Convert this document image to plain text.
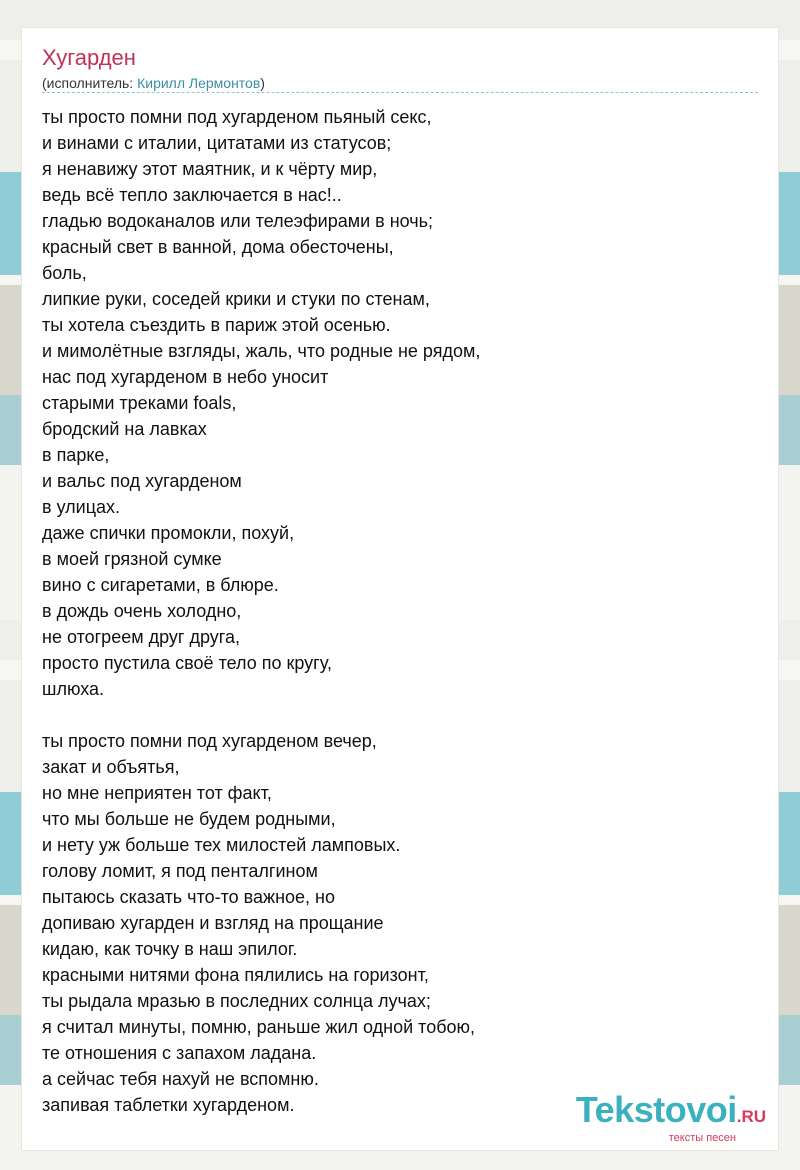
Хугарден
(исполнитель: Кирилл Лермонтов)
ты просто помни под хугарденом пьяный секс,
и винами с италии, цитатами из статусов;
я ненавижу этот маятник, и к чёрту мир,
ведь всё тепло заключается в нас!..
гладью водоканалов или телеэфирами в ночь;
красный свет в ванной, дома обесточены,
боль,
липкие руки, соседей крики и стуки по стенам,
ты хотела съездить в париж этой осенью.
и мимолётные взгляды, жаль, что родные не рядом,
нас под хугарденом в небо уносит
старыми треками foals,
бродский на лавках
в парке,
и вальс под хугарденом
в улицах.
даже спички промокли, похуй,
в моей грязной сумке
вино с сигаретами, в блюре.
в дождь очень холодно,
не отогреем друг друга,
просто пустила своё тело по кругу,
шлюха.
ты просто помни под хугарденом вечер,
закат и объятья,
но мне неприятен тот факт,
что мы больше не будем родными,
и нету уж больше тех милостей ламповых.
голову ломит, я под пенталгином
пытаюсь сказать что-то важное, но
допиваю хугарден и взгляд на прощание
кидаю, как точку в наш эпилог.
красными нитями фона пялились на горизонт,
ты рыдала мразью в последних солнца лучах;
я считал минуты, помню, раньше жил одной тобою,
те отношения с запахом ладана.
а сейчас тебя нахуй не вспомню.
запивая таблетки хугарденом.	Tekstovoi.RU
тексты песен
